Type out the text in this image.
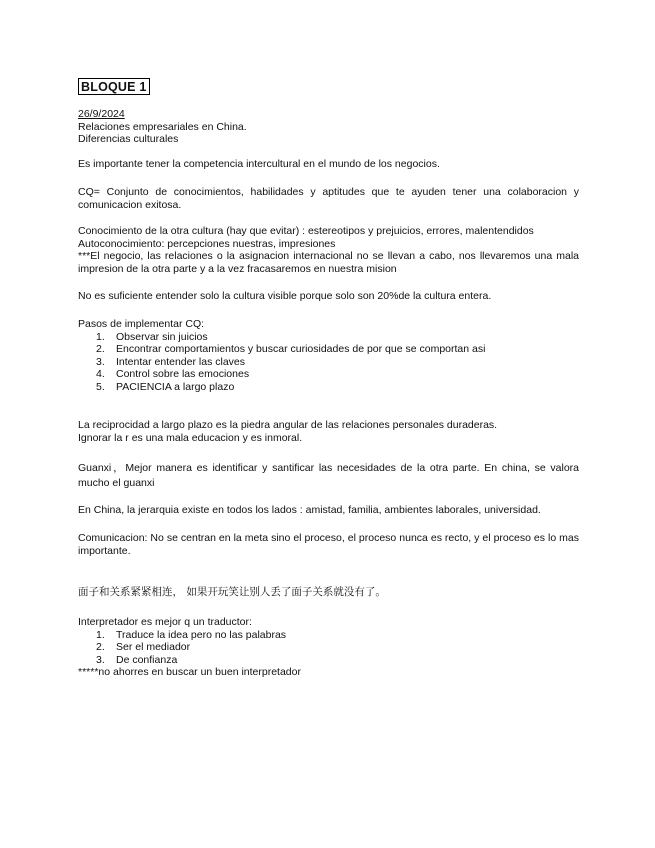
BLOQUE 1
26/9/2024
Relaciones empresariales en China.
Diferencias culturales
Es importante tener la competencia intercultural en el mundo de los negocios.
CQ= Conjunto de conocimientos, habilidades y aptitudes que te ayuden tener una colaboracion y comunicacion exitosa.
Conocimiento de la otra cultura (hay que evitar) : estereotipos y prejuicios, errores, malentendidos
Autoconocimiento: percepciones nuestras, impresiones
***El negocio, las relaciones o la asignacion internacional no se llevan a cabo, nos llevaremos una mala impresion de la otra parte y a la vez fracasaremos en nuestra mision
No es suficiente entender solo la cultura visible porque solo son 20%de la cultura entera.
Pasos de implementar CQ:
1. Observar sin juicios
2. Encontrar comportamientos y buscar curiosidades de por que se comportan asi
3. Intentar entender las claves
4. Control sobre las emociones
5. PACIENCIA a largo plazo
La reciprocidad a largo plazo es la piedra angular de las relaciones personales duraderas.
Ignorar la r es una mala educacion y es inmoral.
Guanxi，Mejor manera es identificar y santificar las necesidades de la otra parte. En china, se valora mucho el guanxi
En China, la jerarquia existe en todos los lados : amistad, familia, ambientes laborales, universidad.
Comunicacion: No se centran en la meta sino el proceso, el proceso nunca es recto, y el proceso es lo mas importante.
面子和关系紧紧相连， 如果开玩笑让别人丢了面子关系就没有了。
Interpretador es mejor q un traductor:
1. Traduce la idea pero no las palabras
2. Ser el mediador
3. De confianza
*****no ahorres en buscar un buen interpretador
